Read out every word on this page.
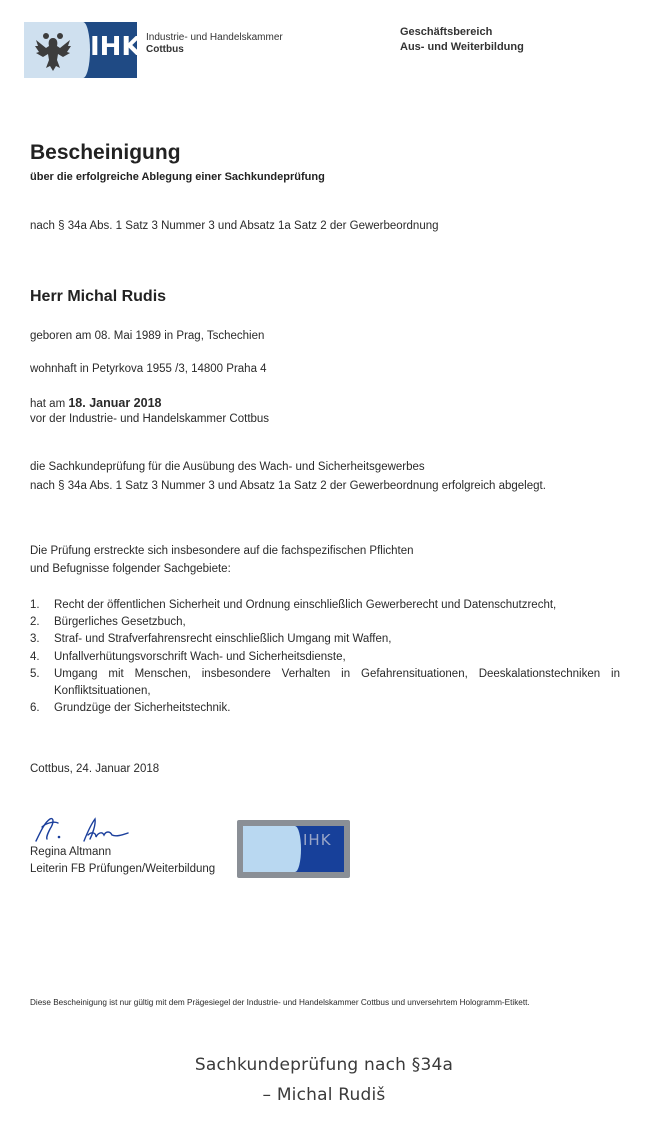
IHK Industrie- und Handelskammer
Cottbus
Geschäftsbereich
Aus- und Weiterbildung
Bescheinigung
über die erfolgreiche Ablegung einer Sachkundeprüfung
nach § 34a Abs. 1 Satz 3 Nummer 3 und Absatz 1a Satz 2 der Gewerbeordnung
Herr Michal Rudis
geboren am 08. Mai 1989 in Prag, Tschechien
wohnhaft in Petyrkova 1955 /3, 14800 Praha 4
hat am 18. Januar 2018
vor der Industrie- und Handelskammer Cottbus
die Sachkundeprüfung für die Ausübung des Wach- und Sicherheitsgewerbes
nach § 34a Abs. 1 Satz 3 Nummer 3 und Absatz 1a Satz 2 der Gewerbeordnung erfolgreich abgelegt.
Die Prüfung erstreckte sich insbesondere auf die fachspezifischen Pflichten
und Befugnisse folgender Sachgebiete:
1.	Recht der öffentlichen Sicherheit und Ordnung einschließlich Gewerberecht und Datenschutzrecht,
2.	Bürgerliches Gesetzbuch,
3.	Straf- und Strafverfahrensrecht einschließlich Umgang mit Waffen,
4.	Unfallverhütungsvorschrift Wach- und Sicherheitsdienste,
5.	Umgang mit Menschen, insbesondere Verhalten in Gefahrensituationen, Deeskalationstechniken in Konfliktsituationen,
6.	Grundzüge der Sicherheitstechnik.
Cottbus, 24. Januar 2018
Regina Altmann
Leiterin FB Prüfungen/Weiterbildung
IHK
Diese Bescheinigung ist nur gültig mit dem Prägesiegel der Industrie- und Handelskammer Cottbus und unversehrtem Hologramm-Etikett.
Sachkundeprüfung nach §34a
– Michal Rudiš
